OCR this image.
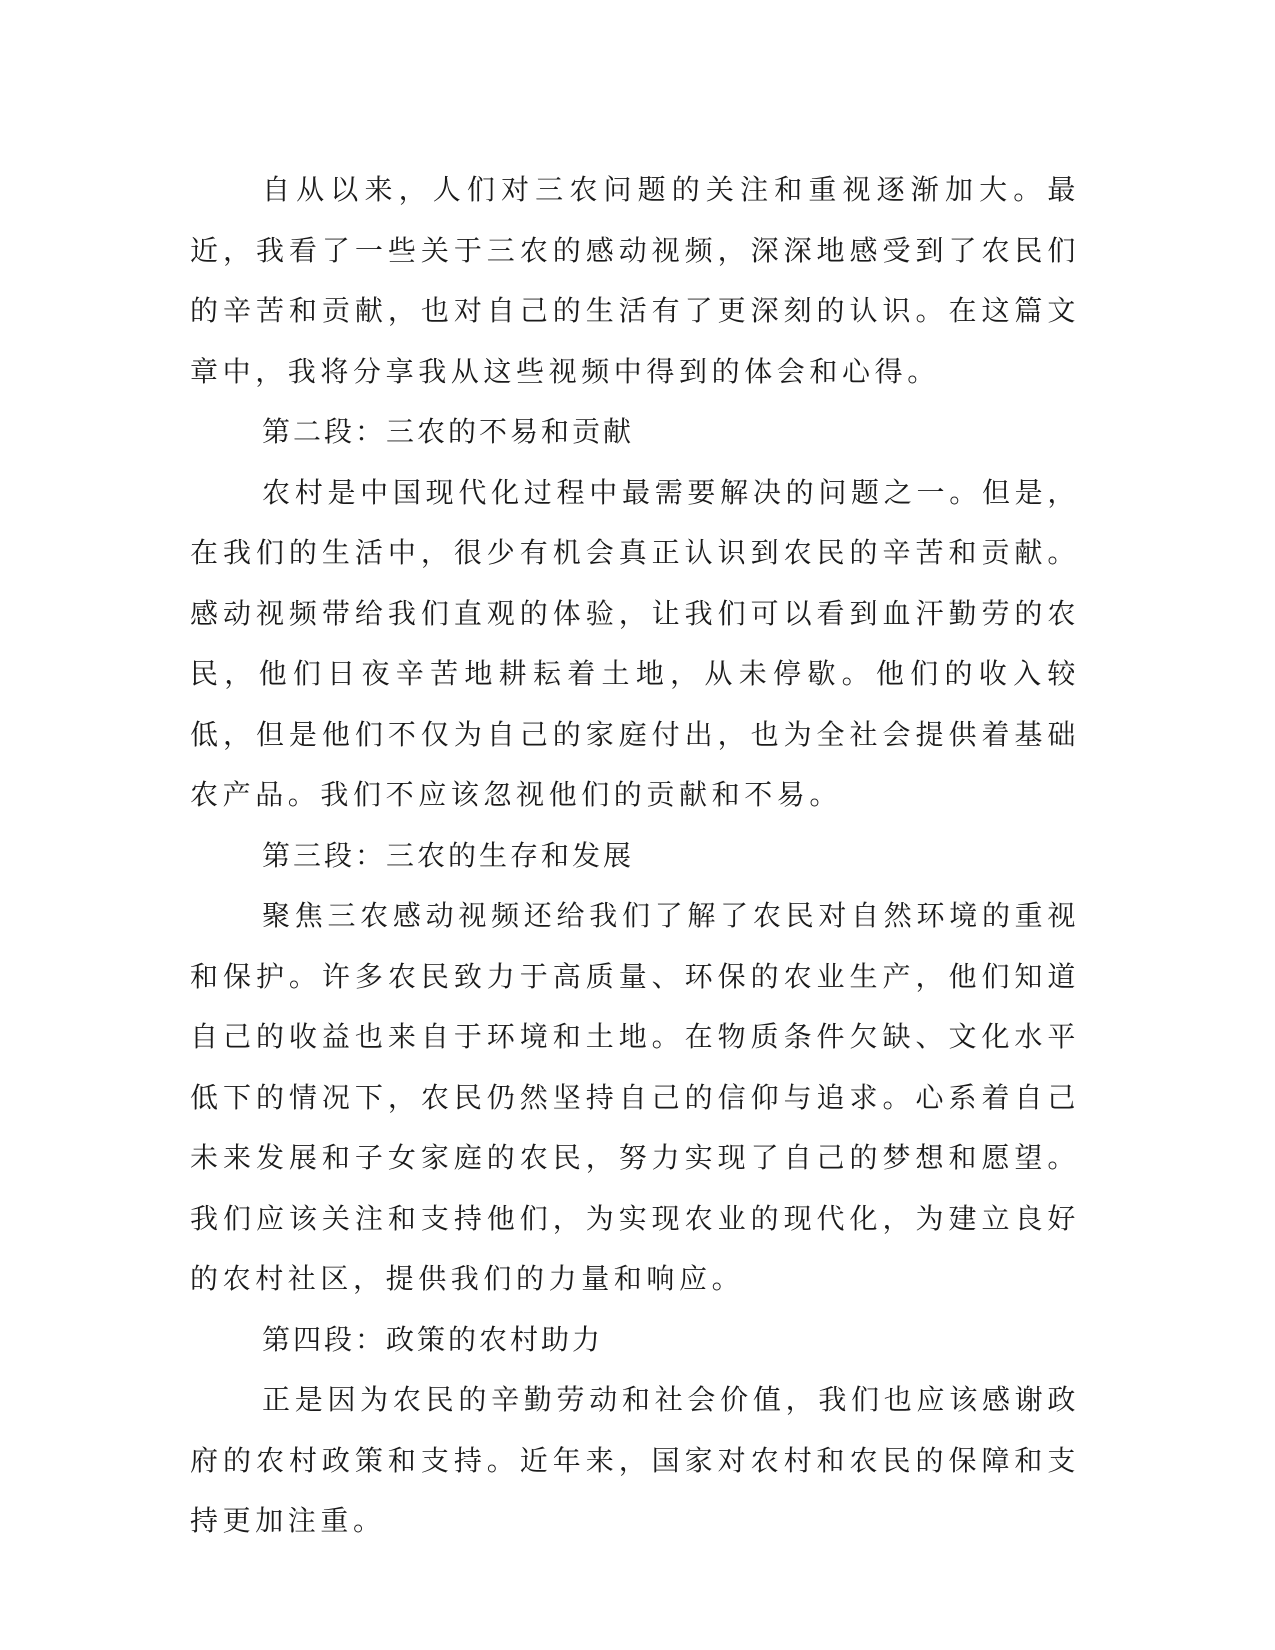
自从以来，人们对三农问题的关注和重视逐渐加大。最近，我看了一些关于三农的感动视频，深深地感受到了农民们的辛苦和贡献，也对自己的生活有了更深刻的认识。在这篇文章中，我将分享我从这些视频中得到的体会和心得。

第二段：三农的不易和贡献

农村是中国现代化过程中最需要解决的问题之一。但是，在我们的生活中，很少有机会真正认识到农民的辛苦和贡献。感动视频带给我们直观的体验，让我们可以看到血汗勤劳的农民，他们日夜辛苦地耕耘着土地，从未停歇。他们的收入较低，但是他们不仅为自己的家庭付出，也为全社会提供着基础农产品。我们不应该忽视他们的贡献和不易。

第三段：三农的生存和发展

聚焦三农感动视频还给我们了解了农民对自然环境的重视和保护。许多农民致力于高质量、环保的农业生产，他们知道自己的收益也来自于环境和土地。在物质条件欠缺、文化水平低下的情况下，农民仍然坚持自己的信仰与追求。心系着自己未来发展和子女家庭的农民，努力实现了自己的梦想和愿望。我们应该关注和支持他们，为实现农业的现代化，为建立良好的农村社区，提供我们的力量和响应。

第四段：政策的农村助力

正是因为农民的辛勤劳动和社会价值，我们也应该感谢政府的农村政策和支持。近年来，国家对农村和农民的保障和支持更加注重。
